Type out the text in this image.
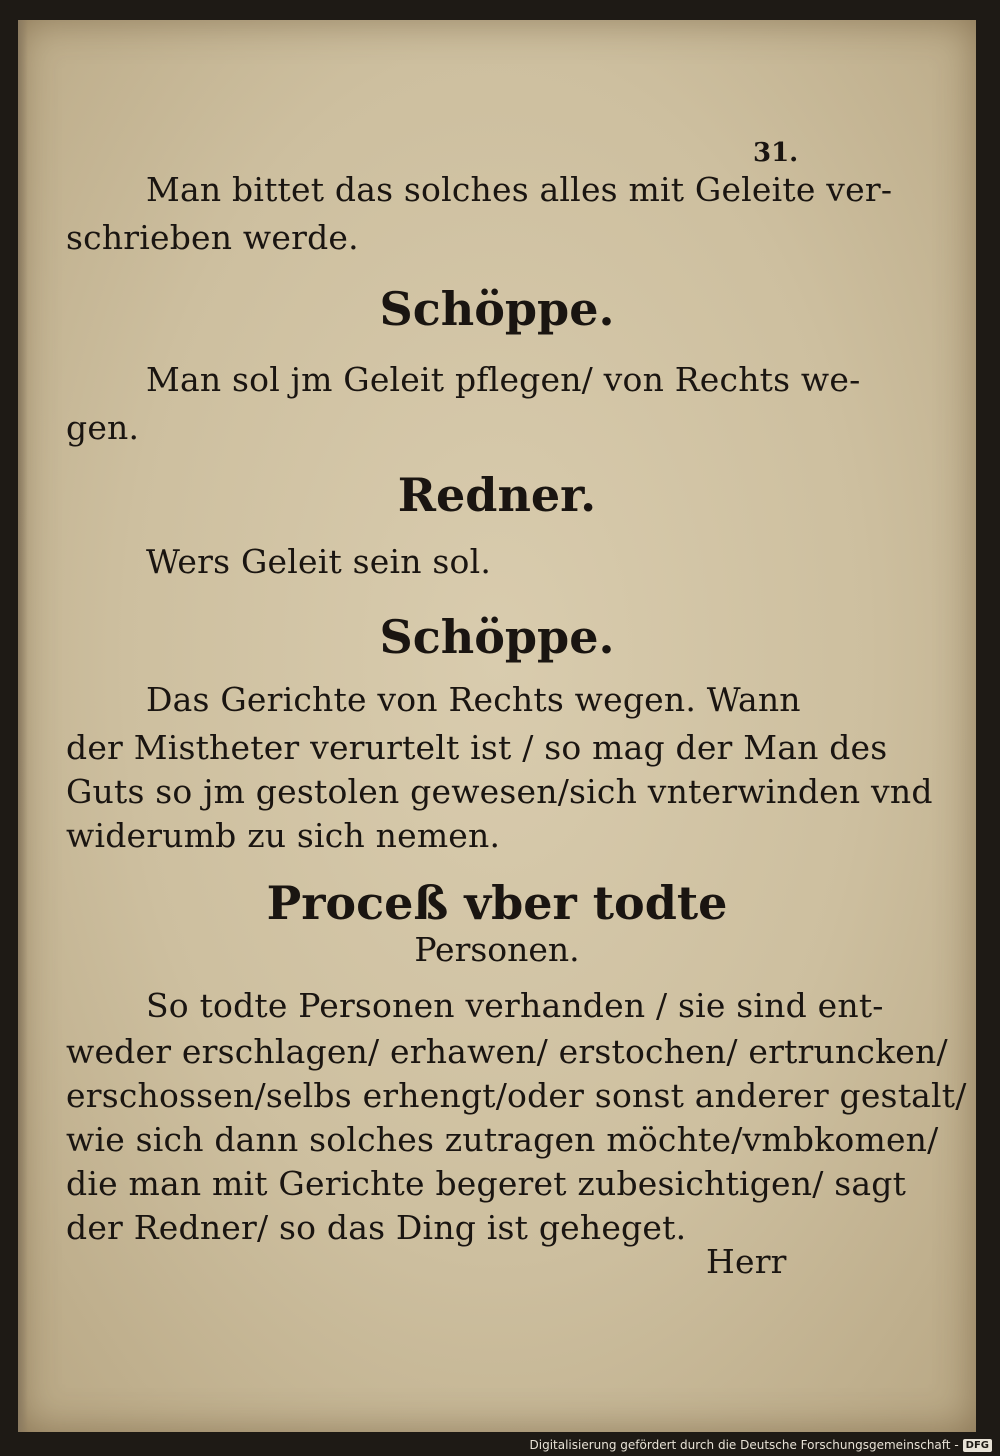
31.
Man bittet das solches alles mit Geleite ver-
schrieben werde.
Schöppe.
Man sol jm Geleit pflegen/ von Rechts we-
gen.
Redner.
Wers Geleit sein sol.
Schöppe.
Das Gerichte von Rechts wegen. Wann
der Mistheter verurtelt ist / so mag der Man des
Guts so jm gestolen gewesen/sich vnterwinden vnd
widerumb zu sich nemen.
Proceß vber todte
Personen.
So todte Personen verhanden / sie sind ent-
weder erschlagen/ erhawen/ erstochen/ ertruncken/
erschossen/selbs erhengt/oder sonst anderer gestalt/
wie sich dann solches zutragen möchte/vmbkomen/
die man mit Gerichte begeret zubesichtigen/ sagt
der Redner/ so das Ding ist geheget.
Herr
Digitalisierung gefördert durch die Deutsche Forschungsgemeinschaft - DFG
